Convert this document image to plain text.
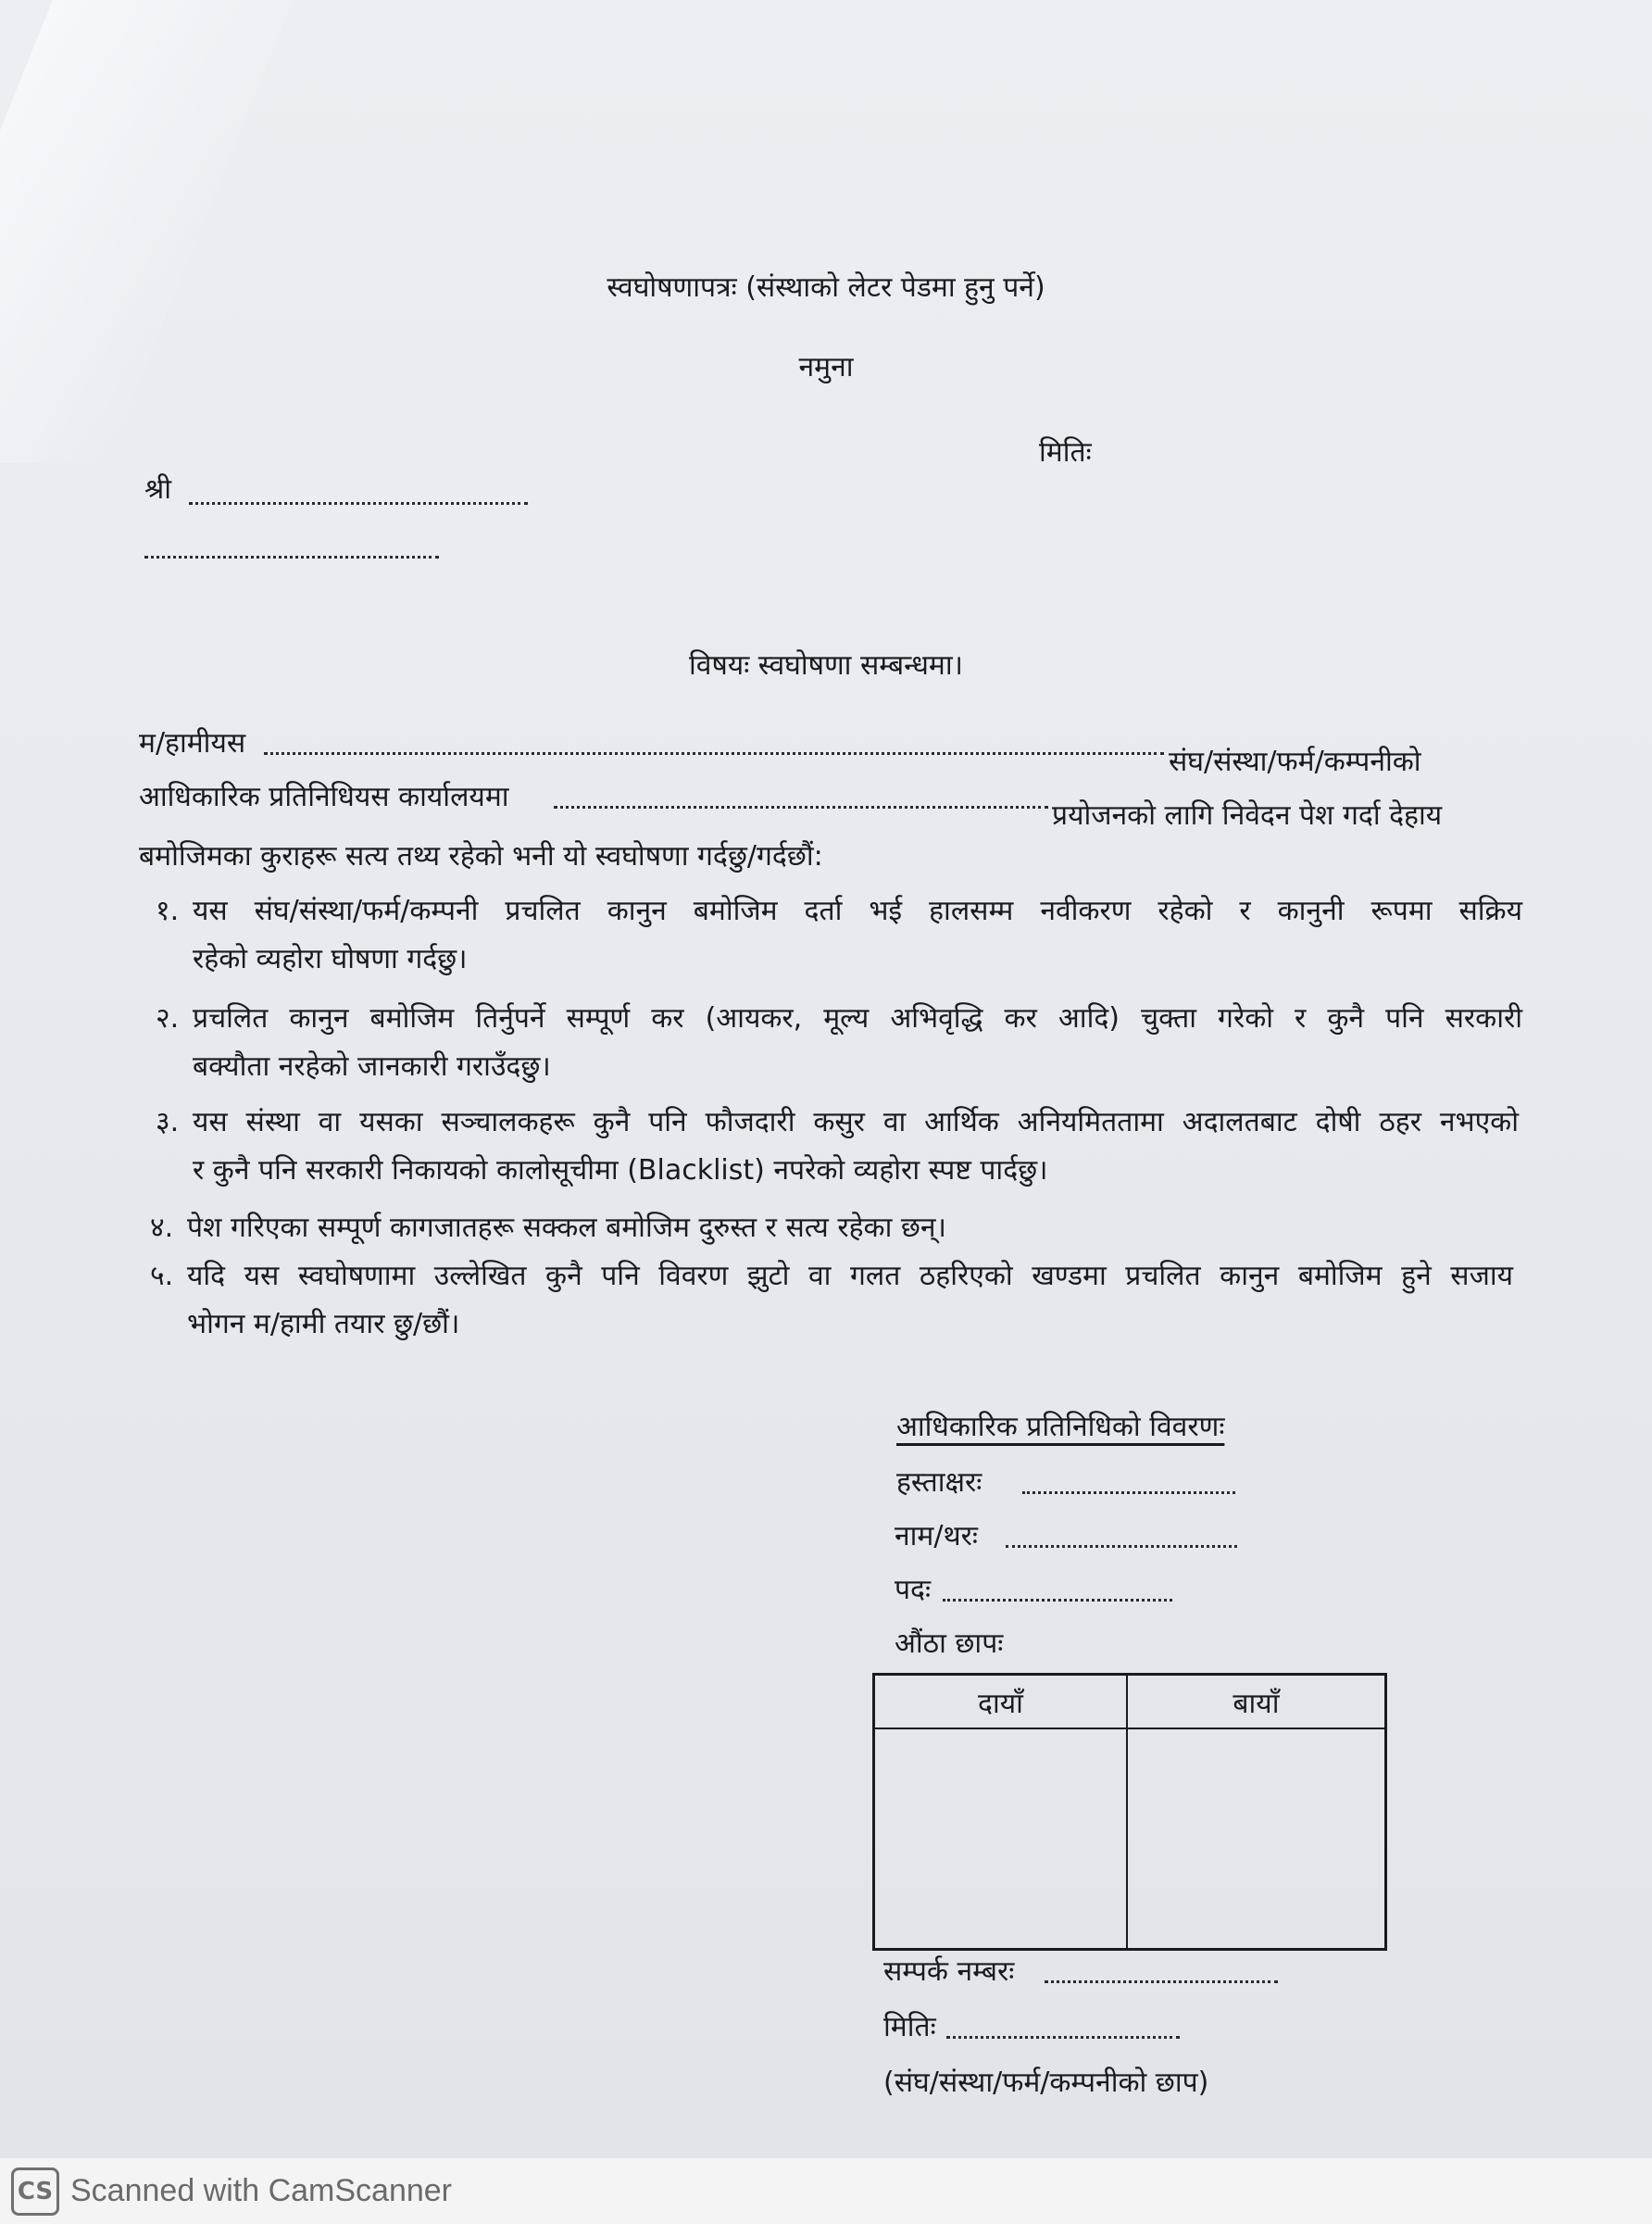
स्वघोषणापत्रः (संस्थाको लेटर पेडमा हुनु पर्ने)
नमुना
मितिः
श्री
विषयः स्वघोषणा सम्बन्धमा।
म/हामीयस
संघ/संस्था/फर्म/कम्पनीको
आधिकारिक प्रतिनिधियस कार्यालयमा
प्रयोजनको लागि निवेदन पेश गर्दा देहाय
बमोजिमका कुराहरू सत्य तथ्य रहेको भनी यो स्वघोषणा गर्दछु/गर्दछौं:
१. यस संघ/संस्था/फर्म/कम्पनी प्रचलित कानुन बमोजिम दर्ता भई हालसम्म नवीकरण रहेको र कानुनी रूपमा सक्रिय
रहेको व्यहोरा घोषणा गर्दछु।
२. प्रचलित कानुन बमोजिम तिर्नुपर्ने सम्पूर्ण कर (आयकर, मूल्य अभिवृद्धि कर आदि) चुक्ता गरेको र कुनै पनि सरकारी
बक्यौता नरहेको जानकारी गराउँदछु।
३. यस संस्था वा यसका सञ्चालकहरू कुनै पनि फौजदारी कसुर वा आर्थिक अनियमिततामा अदालतबाट दोषी ठहर नभएको
र कुनै पनि सरकारी निकायको कालोसूचीमा (Blacklist) नपरेको व्यहोरा स्पष्ट पार्दछु।
४. पेश गरिएका सम्पूर्ण कागजातहरू सक्कल बमोजिम दुरुस्त र सत्य रहेका छन्।
५. यदि यस स्वघोषणामा उल्लेखित कुनै पनि विवरण झुटो वा गलत ठहरिएको खण्डमा प्रचलित कानुन बमोजिम हुने सजाय
भोगन म/हामी तयार छु/छौं।
आधिकारिक प्रतिनिधिको विवरणः
हस्ताक्षरः
नाम/थरः
पदः
औंठा छापः
दायाँ	बायाँ

सम्पर्क नम्बरः
मितिः
(संघ/संस्था/फर्म/कम्पनीको छाप)
CS Scanned with CamScanner
